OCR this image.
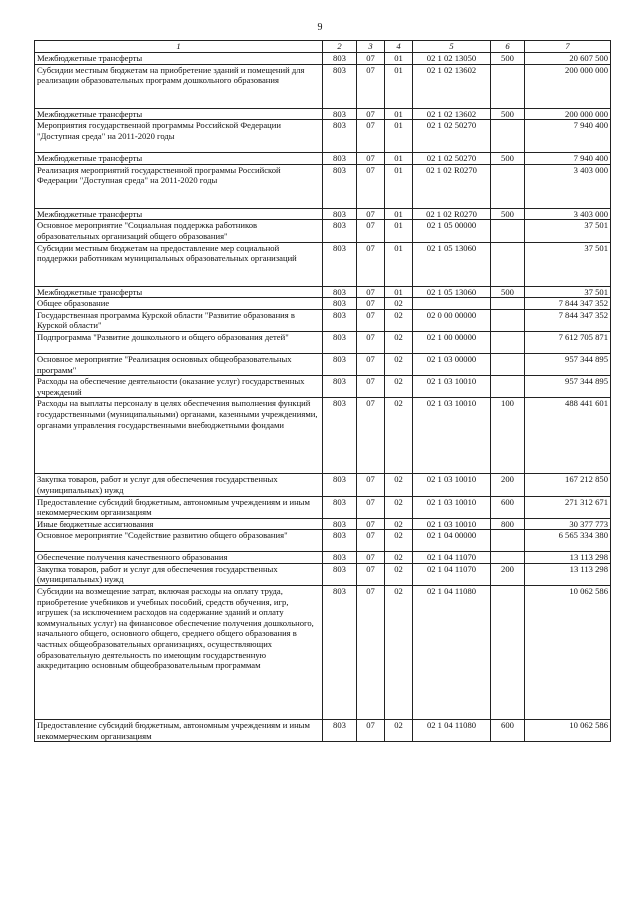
9
1	2	3	4	5	6	7
Межбюджетные трансферты	803	07	01	02 1 02 13050	500	20 607 500
Субсидии местным бюджетам на приобретение зданий и помещений для реализации образовательных программ дошкольного образования	803	07	01	02 1 02 13602		200 000 000
Межбюджетные трансферты	803	07	01	02 1 02 13602	500	200 000 000
Мероприятия государственной программы Российской Федерации "Доступная среда" на 2011-2020 годы	803	07	01	02 1 02 50270		7 940 400
Межбюджетные трансферты	803	07	01	02 1 02 50270	500	7 940 400
Реализация мероприятий государственной программы Российской Федерации "Доступная среда" на 2011-2020 годы	803	07	01	02 1 02 R0270		3 403 000
Межбюджетные трансферты	803	07	01	02 1 02 R0270	500	3 403 000
Основное мероприятие "Социальная поддержка работников образовательных организаций общего образования"	803	07	01	02 1 05 00000		37 501
Субсидии местным бюджетам на предоставление мер социальной поддержки работникам муниципальных образовательных организаций	803	07	01	02 1 05 13060		37 501
Межбюджетные трансферты	803	07	01	02 1 05 13060	500	37 501
Общее образование	803	07	02			7 844 347 352
Государственная программа Курской области "Развитие образования в Курской области"	803	07	02	02 0 00 00000		7 844 347 352
Подпрограмма "Развитие дошкольного и общего образования детей"	803	07	02	02 1 00 00000		7 612 705 871
Основное мероприятие "Реализация основных общеобразовательных программ"	803	07	02	02 1 03 00000		957 344 895
Расходы на обеспечение деятельности (оказание услуг) государственных учреждений	803	07	02	02 1 03 10010		957 344 895
Расходы на выплаты персоналу в целях обеспечения выполнения функций государственными (муниципальными) органами, казенными учреждениями, органами управления государственными внебюджетными фондами	803	07	02	02 1 03 10010	100	488 441 601
Закупка товаров, работ и услуг для обеспечения государственных (муниципальных) нужд	803	07	02	02 1 03 10010	200	167 212 850
Предоставление субсидий бюджетным, автономным учреждениям и иным некоммерческим организациям	803	07	02	02 1 03 10010	600	271 312 671
Иные бюджетные ассигнования	803	07	02	02 1 03 10010	800	30 377 773
Основное мероприятие "Содействие развитию общего образования"	803	07	02	02 1 04 00000		6 565 334 380
Обеспечение получения качественного образования	803	07	02	02 1 04 11070		13 113 298
Закупка товаров, работ и услуг для обеспечения государственных (муниципальных) нужд	803	07	02	02 1 04 11070	200	13 113 298
Субсидии на возмещение затрат, включая расходы на оплату труда, приобретение учебников и учебных пособий, средств обучения, игр, игрушек (за исключением расходов на содержание зданий и оплату коммунальных услуг) на финансовое обеспечение получения дошкольного, начального общего, основного общего, среднего общего образования в частных общеобразовательных организациях, осуществляющих образовательную деятельность по имеющим государственную аккредитацию основным общеобразовательным программам	803	07	02	02 1 04 11080		10 062 586
Предоставление субсидий бюджетным, автономным учреждениям и иным некоммерческим организациям	803	07	02	02 1 04 11080	600	10 062 586
